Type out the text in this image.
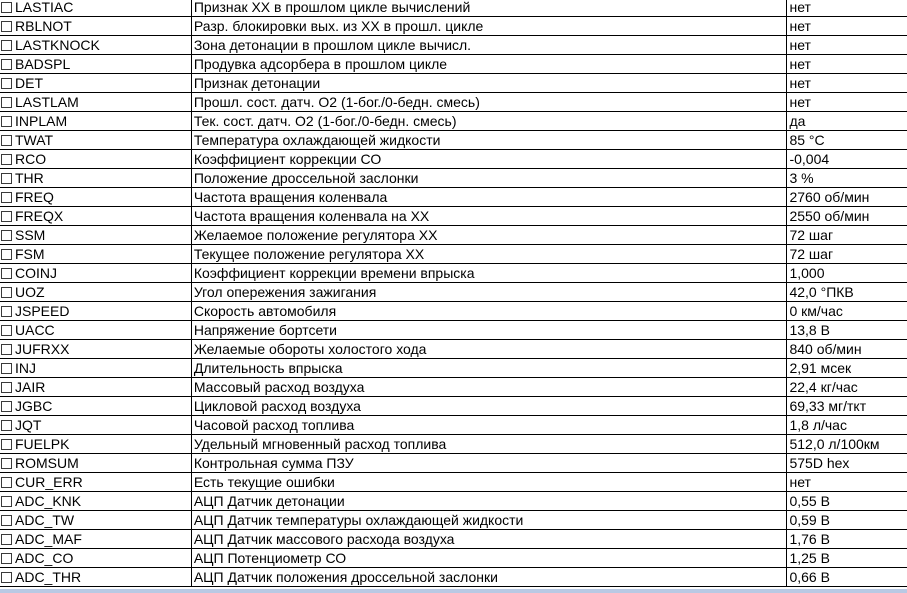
LASTIAC	Признак XX в прошлом цикле вычислений	нет
RBLNOT	Разр. блокировки вых. из XX в прошл. цикле	нет
LASTKNOCK	Зона детонации в прошлом цикле вычисл.	нет
BADSPL	Продувка адсорбера в прошлом цикле	нет
DET	Признак детонации	нет
LASTLAM	Прошл. сост. датч. О2 (1-бог./0-бедн. смесь)	нет
INPLAM	Тек. сост. датч. О2 (1-бог./0-бедн. смесь)	да
TWAT	Температура охлаждающей жидкости	85 °C
RCO	Коэффициент коррекции СО	-0,004
THR	Положение дроссельной заслонки	3 %
FREQ	Частота вращения коленвала	2760 об/мин
FREQX	Частота вращения коленвала на XX	2550 об/мин
SSM	Желаемое положение регулятора XX	72 шаг
FSM	Текущее положение регулятора XX	72 шаг
COINJ	Коэффициент коррекции времени впрыска	1,000
UOZ	Угол опережения зажигания	42,0 °ПКВ
JSPEED	Скорость автомобиля	0 км/час
UACC	Напряжение бортсети	13,8 В
JUFRXX	Желаемые обороты холостого хода	840 об/мин
INJ	Длительность впрыска	2,91 мсек
JAIR	Массовый расход воздуха	22,4 кг/час
JGBC	Цикловой расход воздуха	69,33 мг/ткт
JQT	Часовой расход топлива	1,8 л/час
FUELPK	Удельный мгновенный расход топлива	512,0 л/100км
ROMSUM	Контрольная сумма ПЗУ	575D hex
CUR_ERR	Есть текущие ошибки	нет
ADC_KNK	АЦП Датчик детонации	0,55 В
ADC_TW	АЦП Датчик температуры охлаждающей жидкости	0,59 В
ADC_MAF	АЦП Датчик массового расхода воздуха	1,76 В
ADC_CO	АЦП Потенциометр СО	1,25 В
ADC_THR	АЦП Датчик положения дроссельной заслонки	0,66 В
